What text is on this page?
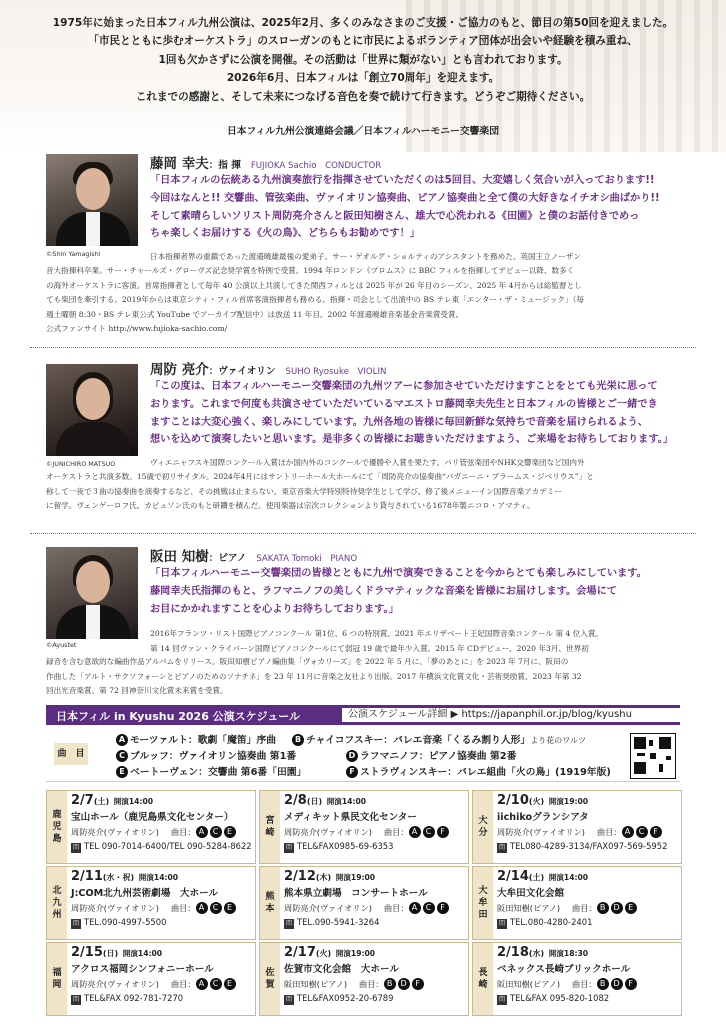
1975年に始まった日本フィル九州公演は、2025年2月、多くのみなさまのご支援・ご協力のもと、節目の第50回を迎えました。
「市民とともに歩むオーケストラ」のスローガンのもとに市民によるボランティア団体が出会いや経験を積み重ね、
1回も欠かさずに公演を開催。その活動は「世界に類がない」とも言われております。
2026年6月、日本フィルは「創立70周年」を迎えます。
これまでの感謝と、そして未来につなげる音色を奏で続けて行きます。どうぞご期待ください。
日本フィル九州公演連絡会議／日本フィルハーモニー交響楽団
©Shin Yamagishi
藤岡 幸夫：指 揮 FUJIOKA Sachio　CONDUCTOR
「日本フィルの伝統ある九州演奏旅行を指揮させていただくのは5回目、大変嬉しく気合いが入っております!!
今回はなんと!! 交響曲、管弦楽曲、ヴァイオリン協奏曲、ピアノ協奏曲と全て僕の大好きなイチオシ曲ばかり!!
そして素晴らしいソリスト周防亮介さんと阪田知樹さん、雄大で心洗われる《田園》と僕のお話付きでめっ
ちゃ楽しくお届けする《火の鳥》、どちらもお勧めです！」
日本指揮者界の重鎮であった渡邉曉雄最後の愛弟子、サー・ゲオルグ・ショルティのアシスタントを務めた。英国王立ノーザン
音大指揮科卒業。サー・チャールズ・グローヴズ記念奨学賞を特例で受賞。1994 年ロンドン《プロムス》に BBC フィルを指揮してデビュー以降、数多く
の海外オーケストラに客演。首席指揮者として毎年 40 公演以上共演してきた関西フィルとは 2025 年が 26 年目のシーズン、2025 年 4月からは総監督とし
ても楽団を牽引する。2019年からは東京シティ・フィル首席客演指揮者も務める。指揮・司会として出演中の BS テレ東「エンター・ザ・ミュージック」（毎
週土曜朝 8:30・BS テレ東公式 YouTube でアーカイブ配信中）は放送 11 年目。2002 年渡邉曉雄音楽基金音楽賞受賞。
公式ファンサイト http://www.fujioka-sachio.com/
©JUNICHIRO MATSUO
周防 亮介：ヴァイオリン SUHO Ryosuke　VIOLIN
「この度は、日本フィルハーモニー交響楽団の九州ツアーに参加させていただけますことをとても光栄に思って
おります。これまで何度も共演させていただいているマエストロ藤岡幸夫先生と日本フィルの皆様とご一緒でき
ますことは大変心強く、楽しみにしています。九州各地の皆様に毎回新鮮な気持ちで音楽を届けられるよう、
想いを込めて演奏したいと思います。是非多くの皆様にお聴きいただけますよう、ご来場をお待ちしております。」
ヴィエニャフスキ国際コンクール入賞ほか国内外のコンクールで優勝や入賞を果たす。パリ管弦楽団やNHK交響楽団など国内外
オーケストラと共演多数。15歳で初リサイタル。2024年4月にはサントリーホール大ホールにて「周防亮介の協奏曲“パガニーニ・ブラームス・ジベリウス”」と
称して一夜で３曲の協奏曲を演奏するなど、その挑戦は止まらない。東京音楽大学特別特待奨学生として学び、修了後メニューイン国際音楽アカデミー
に留学。ヴェンゲーロフ氏、カピュソン氏のもと研鑽を積んだ。使用楽器は宗次コレクションより貸与されている1678年製ニコロ・アマティ。
©Ayustet
阪田 知樹：ピアノ SAKATA Tomoki　PIANO
「日本フィルハーモニー交響楽団の皆様とともに九州で演奏できることを今からとても楽しみにしています。
藤岡幸夫氏指揮のもと、ラフマニノフの美しくドラマティックな音楽を皆様にお届けします。会場にて
お目にかかれますことを心よりお待ちしております。」
2016年フランツ・リスト国際ピアノコンクール 第1位、6 つの特別賞。2021 年エリザベート王妃国際音楽コンクール 第 4 位入賞。
第 14 回ヴァン・クライバーン国際ピアノコンクールにて弱冠 19 歳で最年少入賞。2015 年 CDデビュー、2020 年3月、世界初
録音を含む意欲的な編曲作品アルバムをリリース。阪田知樹ピアノ編曲集「ヴォカリーズ」を 2022 年 5 月に、「夢のあとに」を 2023 年 7月に、阪田の
作曲した「アルト・サクソフォーンとピアノのためのソナチネ」を 23 年 11月に音楽之友社より出版。2017 年横浜文化賞文化・芸術奨励賞、2023 年第 32
回出光音楽賞、第 72 回神奈川文化賞未来賞を受賞。
日本フィル in Kyushu 2026 公演スケジュール	公演スケジュール詳細 ▶ https://japanphil.or.jp/blog/kyushu
曲　目
A モーツァルト：歌劇「魔笛」序曲	B チャイコフスキー：バレエ音楽「くるみ割り人形」より花のワルツ
C ブルッフ：ヴァイオリン協奏曲 第1番	D ラフマニノフ：ピアノ協奏曲 第2番
E ベートーヴェン：交響曲 第6番「田園」	F ストラヴィンスキー：バレエ組曲「火の鳥」(1919年版)
鹿
児
島
2/7(土) 開演14:00
宝山ホール（鹿児島県文化センター）
周防亮介(ヴァイオリン) 曲目： A C E
問 TEL 090-7014-6400/TEL 090-5284-8622
宮
崎
2/8(日) 開演14:00
メディキット県民文化センター
周防亮介(ヴァイオリン) 曲目： A C F
問 TEL&FAX0985-69-6353
大
分
2/10(火) 開演19:00
iichikoグランシアタ
周防亮介(ヴァイオリン) 曲目： A C F
問 TEL080-4289-3134/FAX097-569-5952
北
九
州
2/11(水・祝) 開演14:00
J:COM北九州芸術劇場　大ホール
周防亮介(ヴァイオリン) 曲目： A C E
問 TEL.090-4997-5500
熊
本
2/12(木) 開演19:00
熊本県立劇場　コンサートホール
周防亮介(ヴァイオリン) 曲目： A C F
問 TEL.090-5941-3264
大
牟
田
2/14(土) 開演14:00
大牟田文化会館
阪田知樹(ピアノ) 曲目： B D E
問 TEL.080-4280-2401
福
岡
2/15(日) 開演14:00
アクロス福岡シンフォニーホール
周防亮介(ヴァイオリン) 曲目： A C E
問 TEL&FAX 092-781-7270
佐
賀
2/17(火) 開演19:00
佐賀市文化会館　大ホール
阪田知樹(ピアノ) 曲目： B D F
問 TEL&FAX0952-20-6789
長
崎
2/18(水) 開演18:30
ベネックス長崎ブリックホール
阪田知樹(ピアノ) 曲目： B D F
問 TEL&FAX 095-820-1082
